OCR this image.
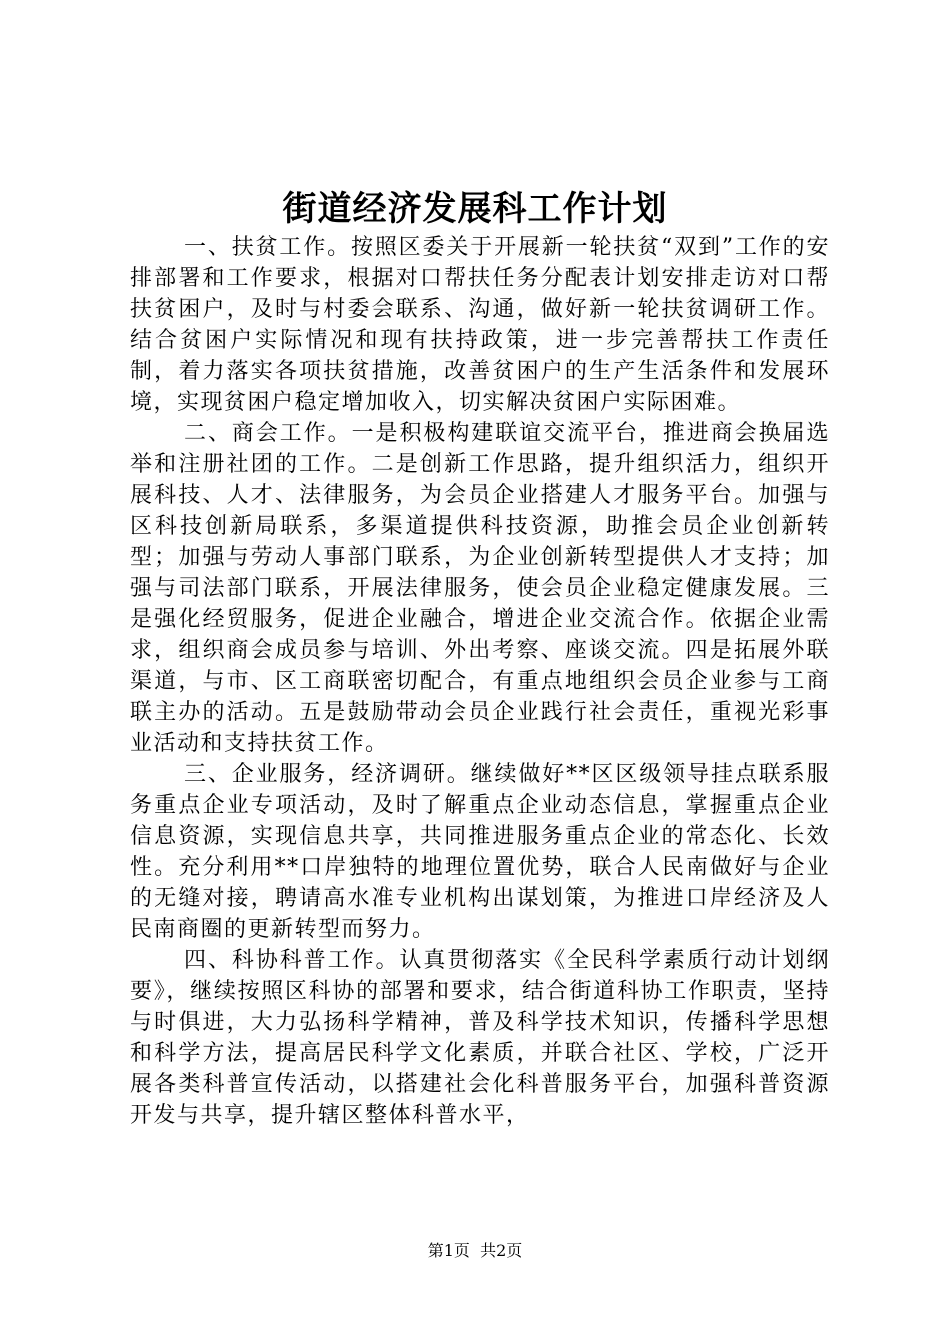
街道经济发展科工作计划

一、扶贫工作。按照区委关于开展新一轮扶贫“双到”工作的安排部署和工作要求，根据对口帮扶任务分配表计划安排走访对口帮扶贫困户，及时与村委会联系、沟通，做好新一轮扶贫调研工作。结合贫困户实际情况和现有扶持政策，进一步完善帮扶工作责任制，着力落实各项扶贫措施，改善贫困户的生产生活条件和发展环境，实现贫困户稳定增加收入，切实解决贫困户实际困难。

二、商会工作。一是积极构建联谊交流平台，推进商会换届选举和注册社团的工作。二是创新工作思路，提升组织活力，组织开展科技、人才、法律服务，为会员企业搭建人才服务平台。加强与区科技创新局联系，多渠道提供科技资源，助推会员企业创新转型；加强与劳动人事部门联系，为企业创新转型提供人才支持；加强与司法部门联系，开展法律服务，使会员企业稳定健康发展。三是强化经贸服务，促进企业融合，增进企业交流合作。依据企业需求，组织商会成员参与培训、外出考察、座谈交流。四是拓展外联渠道，与市、区工商联密切配合，有重点地组织会员企业参与工商联主办的活动。五是鼓励带动会员企业践行社会责任，重视光彩事业活动和支持扶贫工作。

三、企业服务，经济调研。继续做好**区区级领导挂点联系服务重点企业专项活动，及时了解重点企业动态信息，掌握重点企业信息资源，实现信息共享，共同推进服务重点企业的常态化、长效性。充分利用**口岸独特的地理位置优势，联合人民南做好与企业的无缝对接，聘请高水准专业机构出谋划策，为推进口岸经济及人民南商圈的更新转型而努力。

四、科协科普工作。认真贯彻落实《全民科学素质行动计划纲要》，继续按照区科协的部署和要求，结合街道科协工作职责，坚持与时俱进，大力弘扬科学精神，普及科学技术知识，传播科学思想和科学方法，提高居民科学文化素质，并联合社区、学校，广泛开展各类科普宣传活动，以搭建社会化科普服务平台，加强科普资源开发与共享，提升辖区整体科普水平，

第1页 共2页
